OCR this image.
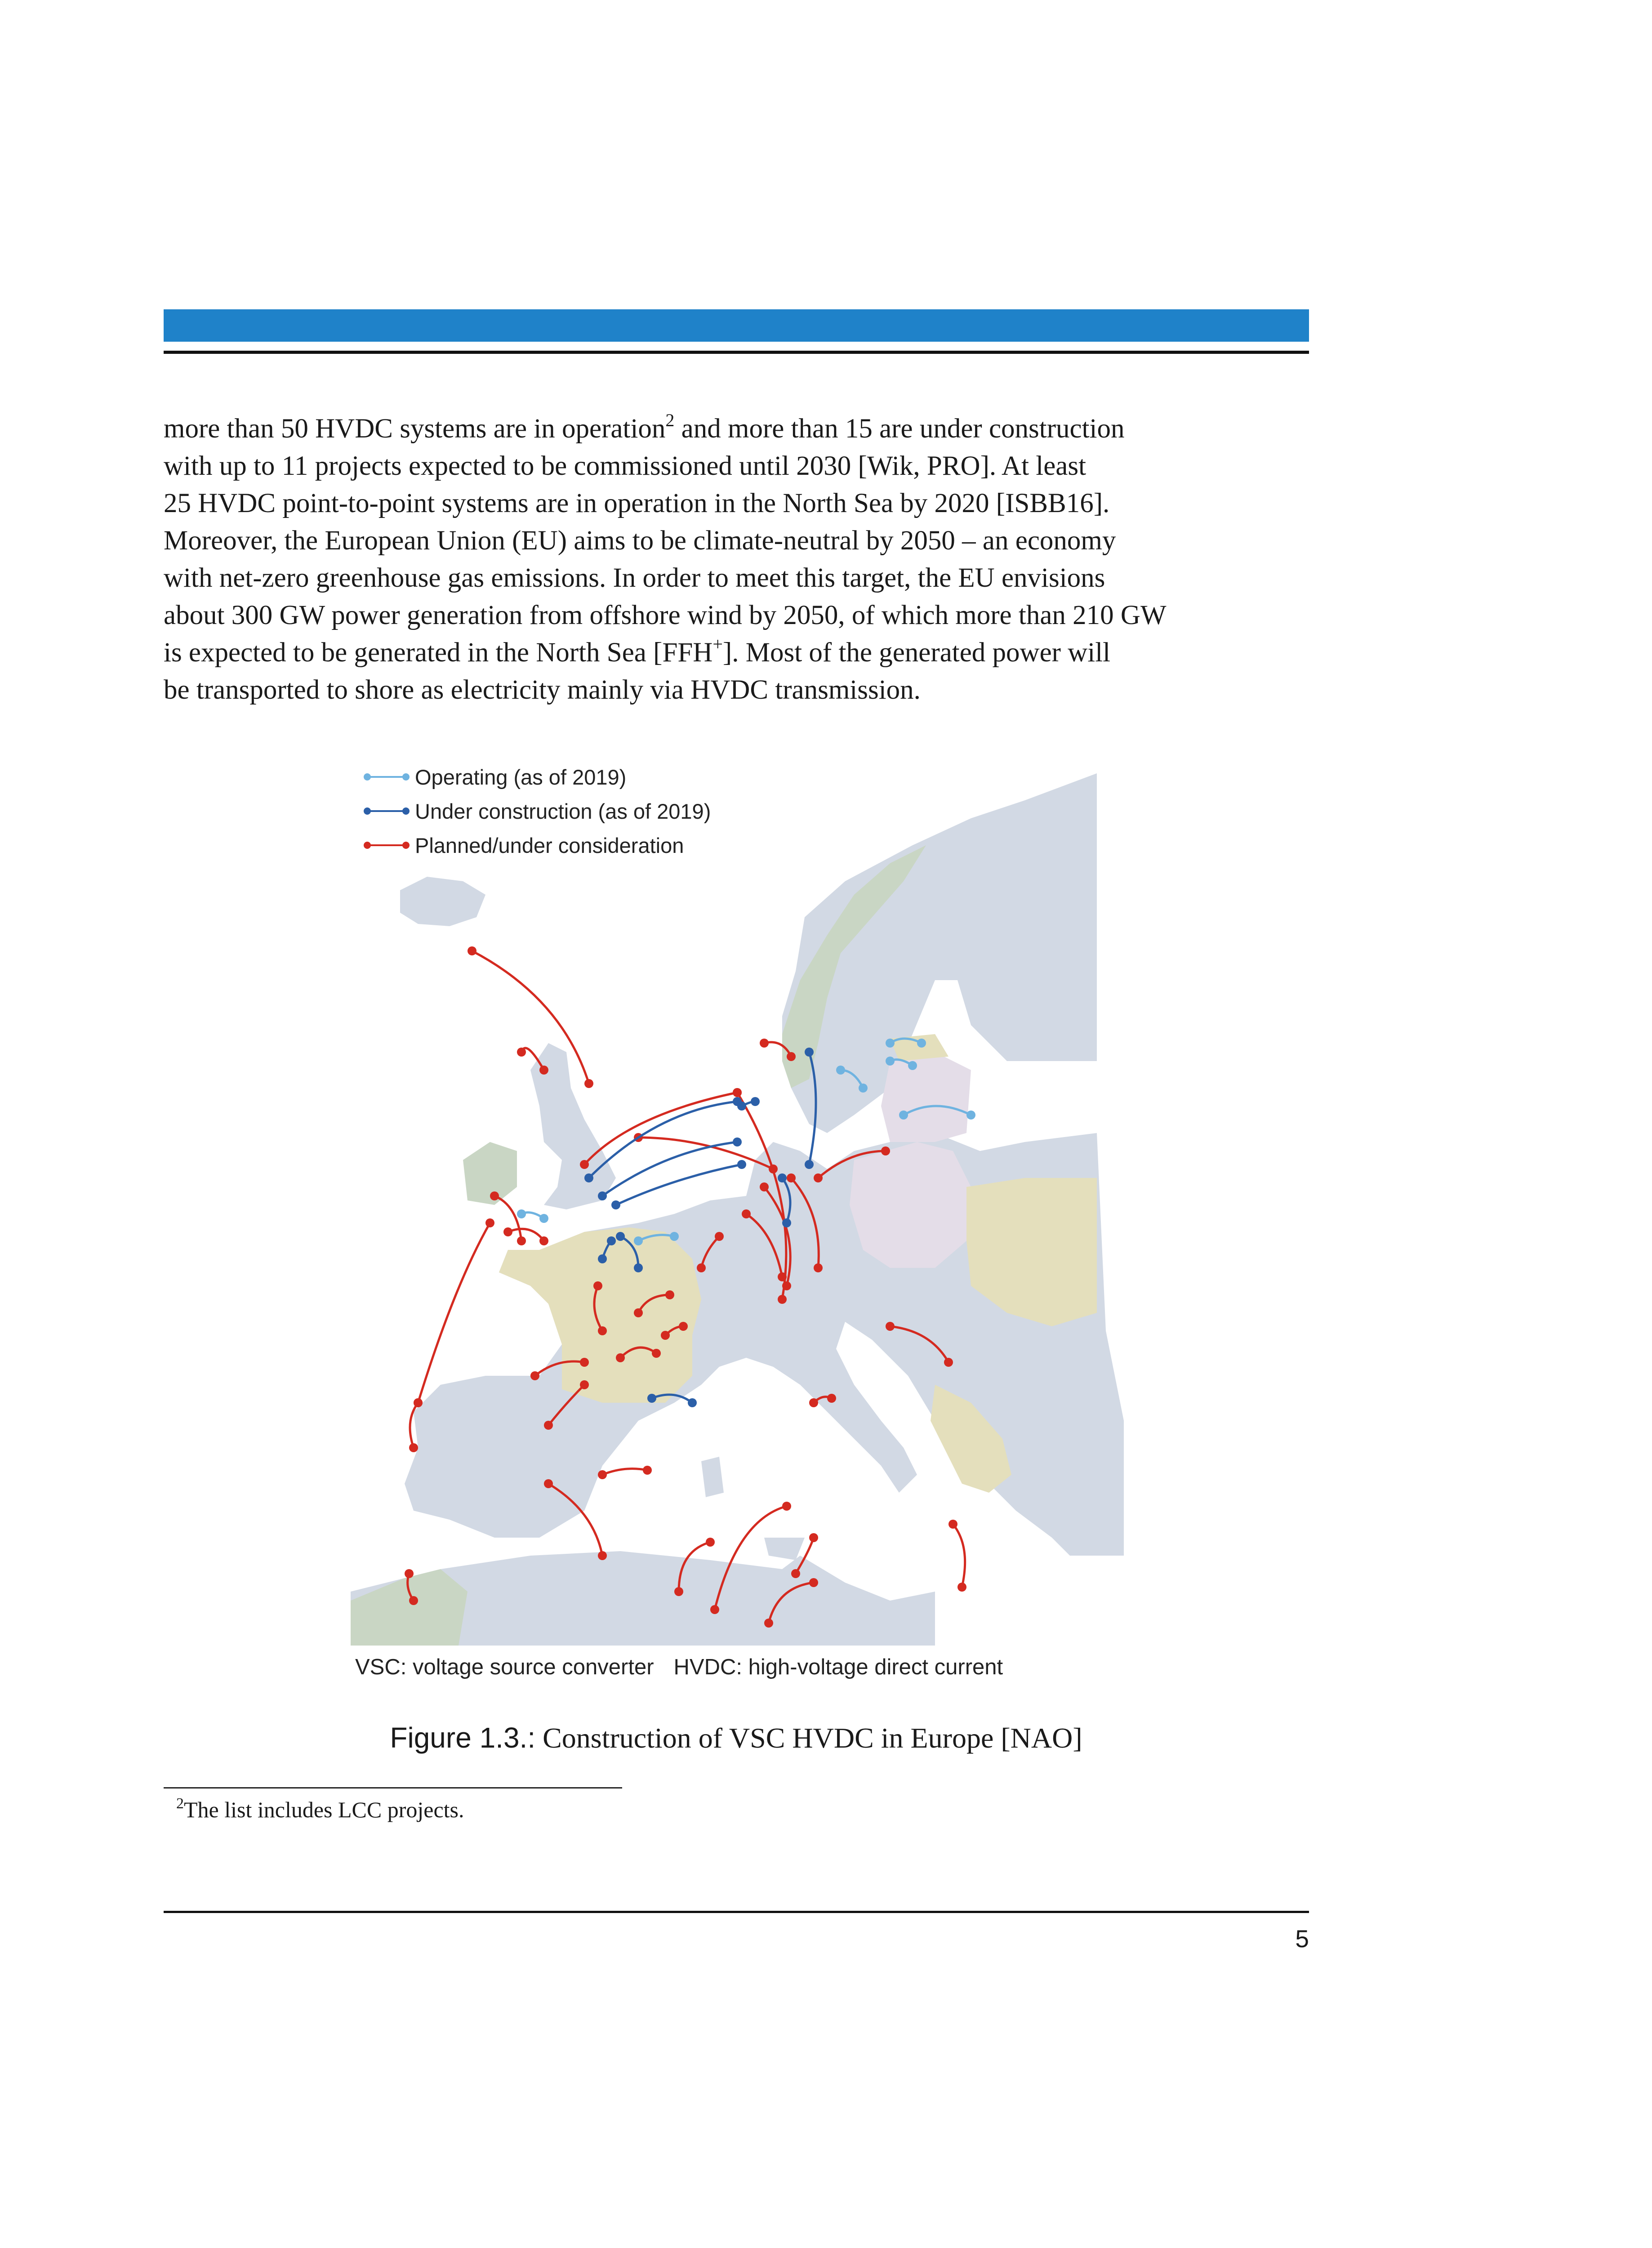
more than 50 HVDC systems are in operation$^2$ and more than 15 are under construction
with up to 11 projects expected to be commissioned until 2030 [Wik, PRO]. At least
25 HVDC point-to-point systems are in operation in the North Sea by 2020 [ISBB16].
Moreover, the European Union (EU) aims to be climate-neutral by 2050 – an economy
with net-zero greenhouse gas emissions. In order to meet this target, the EU envisions
about 300 GW power generation from offshore wind by 2050, of which more than 210 GW
is expected to be generated in the North Sea [FFH+]. Most of the generated power will
be transported to shore as electricity mainly via HVDC transmission.
Operating (as of 2019)
Under construction (as of 2019)
Planned/under consideration
VSC: voltage source converter HVDC: high-voltage direct current
Figure 1.3.: Construction of VSC HVDC in Europe [NAO]
$^2$The list includes LCC projects.
5
